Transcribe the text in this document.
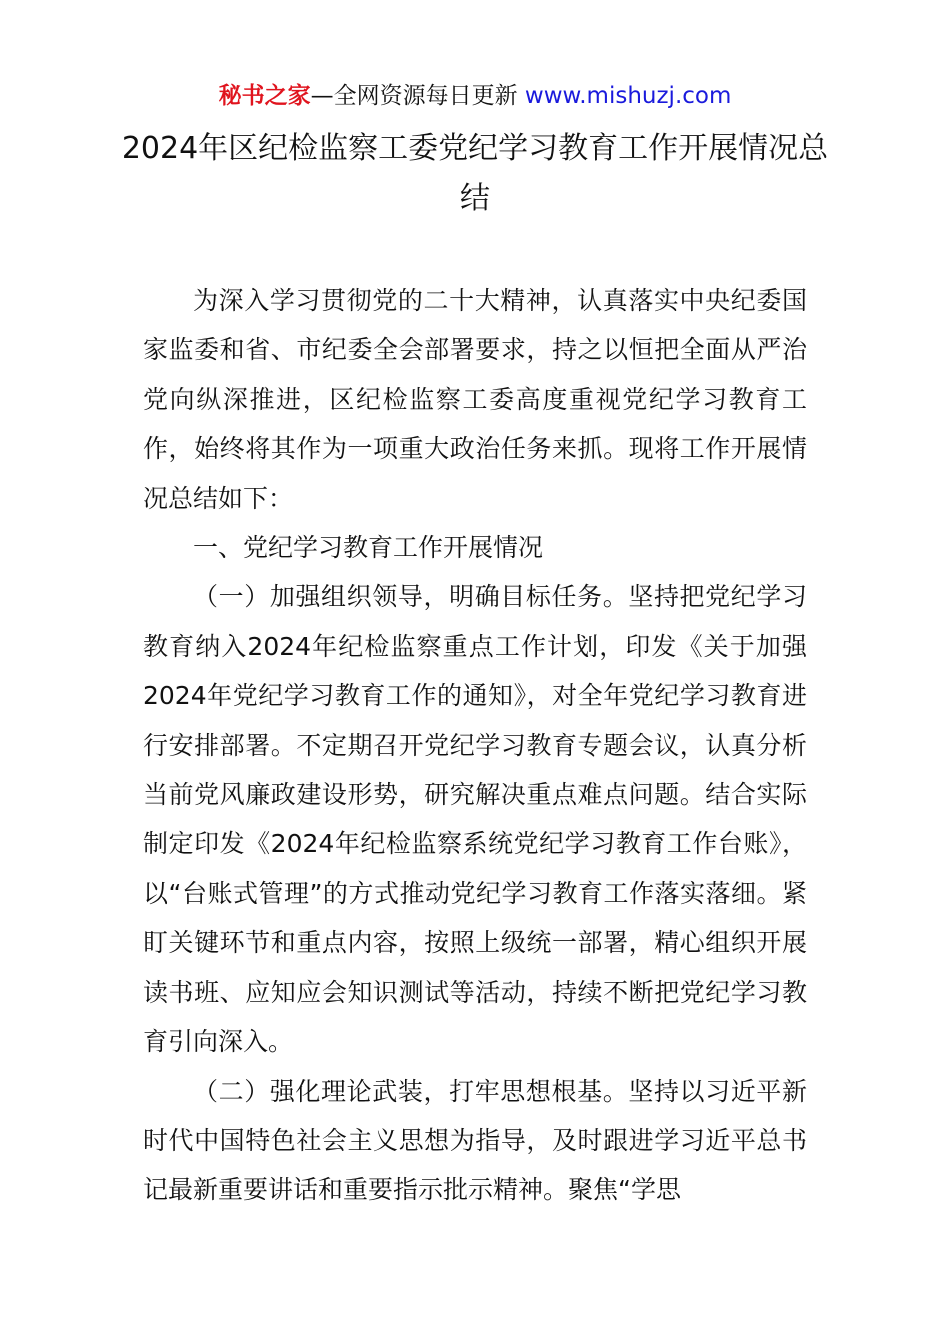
秘书之家—全网资源每日更新 www.mishuzj.com
2024年区纪检监察工委党纪学习教育工作开展情况总结

为深入学习贯彻党的二十大精神，认真落实中央纪委国家监委和省、市纪委全会部署要求，持之以恒把全面从严治党向纵深推进，区纪检监察工委高度重视党纪学习教育工作，始终将其作为一项重大政治任务来抓。现将工作开展情况总结如下：

一、党纪学习教育工作开展情况

（一）加强组织领导，明确目标任务。坚持把党纪学习教育纳入2024年纪检监察重点工作计划，印发《关于加强2024年党纪学习教育工作的通知》，对全年党纪学习教育进行安排部署。不定期召开党纪学习教育专题会议，认真分析当前党风廉政建设形势，研究解决重点难点问题。结合实际制定印发《2024年纪检监察系统党纪学习教育工作台账》，以“台账式管理”的方式推动党纪学习教育工作落实落细。紧盯关键环节和重点内容，按照上级统一部署，精心组织开展读书班、应知应会知识测试等活动，持续不断把党纪学习教育引向深入。

（二）强化理论武装，打牢思想根基。坚持以习近平新时代中国特色社会主义思想为指导，及时跟进学习近平总书记最新重要讲话和重要指示批示精神。聚焦“学思
